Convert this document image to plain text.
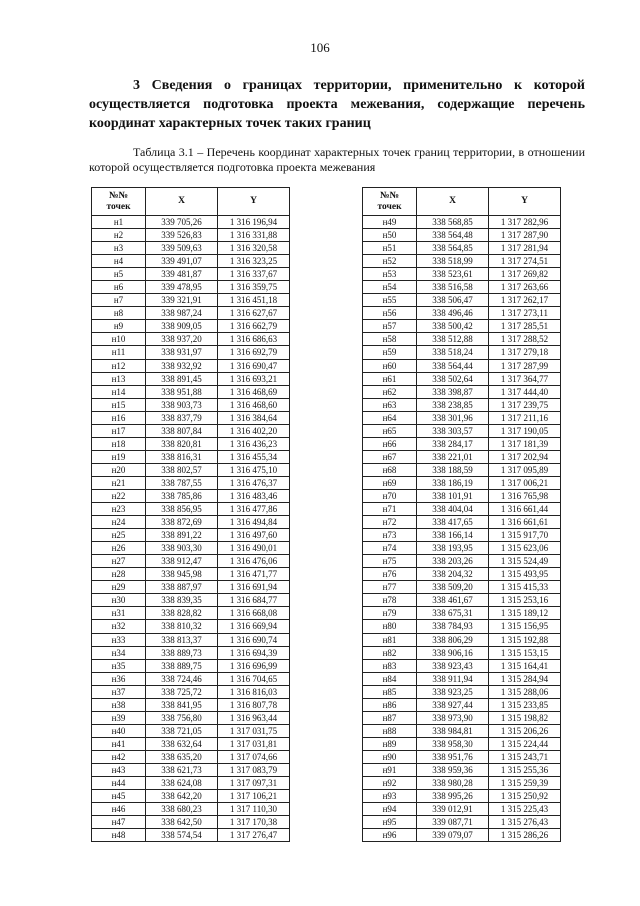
106
3 Сведения о границах территории, применительно к которой осуществляется подготовка проекта межевания, содержащие перечень координат характерных точек таких границ
Таблица 3.1 – Перечень координат характерных точек границ территории, в отношении которой осуществляется подготовка проекта межевания
№№
точек	X	Y
н1	339 705,26	1 316 196,94
н2	339 526,83	1 316 331,88
н3	339 509,63	1 316 320,58
н4	339 491,07	1 316 323,25
н5	339 481,87	1 316 337,67
н6	339 478,95	1 316 359,75
н7	339 321,91	1 316 451,18
н8	338 987,24	1 316 627,67
н9	338 909,05	1 316 662,79
н10	338 937,20	1 316 686,63
н11	338 931,97	1 316 692,79
н12	338 932,92	1 316 690,47
н13	338 891,45	1 316 693,21
н14	338 951,88	1 316 468,69
н15	338 903,73	1 316 468,60
н16	338 837,79	1 316 384,64
н17	338 807,84	1 316 402,20
н18	338 820,81	1 316 436,23
н19	338 816,31	1 316 455,34
н20	338 802,57	1 316 475,10
н21	338 787,55	1 316 476,37
н22	338 785,86	1 316 483,46
н23	338 856,95	1 316 477,86
н24	338 872,69	1 316 494,84
н25	338 891,22	1 316 497,60
н26	338 903,30	1 316 490,01
н27	338 912,47	1 316 476,06
н28	338 945,98	1 316 471,77
н29	338 887,97	1 316 691,94
н30	338 839,35	1 316 684,77
н31	338 828,82	1 316 668,08
н32	338 810,32	1 316 669,94
н33	338 813,37	1 316 690,74
н34	338 889,73	1 316 694,39
н35	338 889,75	1 316 696,99
н36	338 724,46	1 316 704,65
н37	338 725,72	1 316 816,03
н38	338 841,95	1 316 807,78
н39	338 756,80	1 316 963,44
н40	338 721,05	1 317 031,75
н41	338 632,64	1 317 031,81
н42	338 635,20	1 317 074,66
н43	338 621,73	1 317 083,79
н44	338 624,08	1 317 097,31
н45	338 642,20	1 317 106,21
н46	338 680,23	1 317 110,30
н47	338 642,50	1 317 170,38
н48	338 574,54	1 317 276,47
№№
точек	X	Y
н49	338 568,85	1 317 282,96
н50	338 564,48	1 317 287,90
н51	338 564,85	1 317 281,94
н52	338 518,99	1 317 274,51
н53	338 523,61	1 317 269,82
н54	338 516,58	1 317 263,66
н55	338 506,47	1 317 262,17
н56	338 496,46	1 317 273,11
н57	338 500,42	1 317 285,51
н58	338 512,88	1 317 288,52
н59	338 518,24	1 317 279,18
н60	338 564,44	1 317 287,99
н61	338 502,64	1 317 364,77
н62	338 398,87	1 317 444,40
н63	338 238,85	1 317 239,75
н64	338 301,96	1 317 211,16
н65	338 303,57	1 317 190,05
н66	338 284,17	1 317 181,39
н67	338 221,01	1 317 202,94
н68	338 188,59	1 317 095,89
н69	338 186,19	1 317 006,21
н70	338 101,91	1 316 765,98
н71	338 404,04	1 316 661,44
н72	338 417,65	1 316 661,61
н73	338 166,14	1 315 917,70
н74	338 193,95	1 315 623,06
н75	338 203,26	1 315 524,49
н76	338 204,32	1 315 493,95
н77	338 509,20	1 315 415,33
н78	338 461,67	1 315 253,16
н79	338 675,31	1 315 189,12
н80	338 784,93	1 315 156,95
н81	338 806,29	1 315 192,88
н82	338 906,16	1 315 153,15
н83	338 923,43	1 315 164,41
н84	338 911,94	1 315 284,94
н85	338 923,25	1 315 288,06
н86	338 927,44	1 315 233,85
н87	338 973,90	1 315 198,82
н88	338 984,81	1 315 206,26
н89	338 958,30	1 315 224,44
н90	338 951,76	1 315 243,71
н91	338 959,36	1 315 255,36
н92	338 980,28	1 315 259,39
н93	338 995,26	1 315 250,92
н94	339 012,91	1 315 225,43
н95	339 087,71	1 315 276,43
н96	339 079,07	1 315 286,26
